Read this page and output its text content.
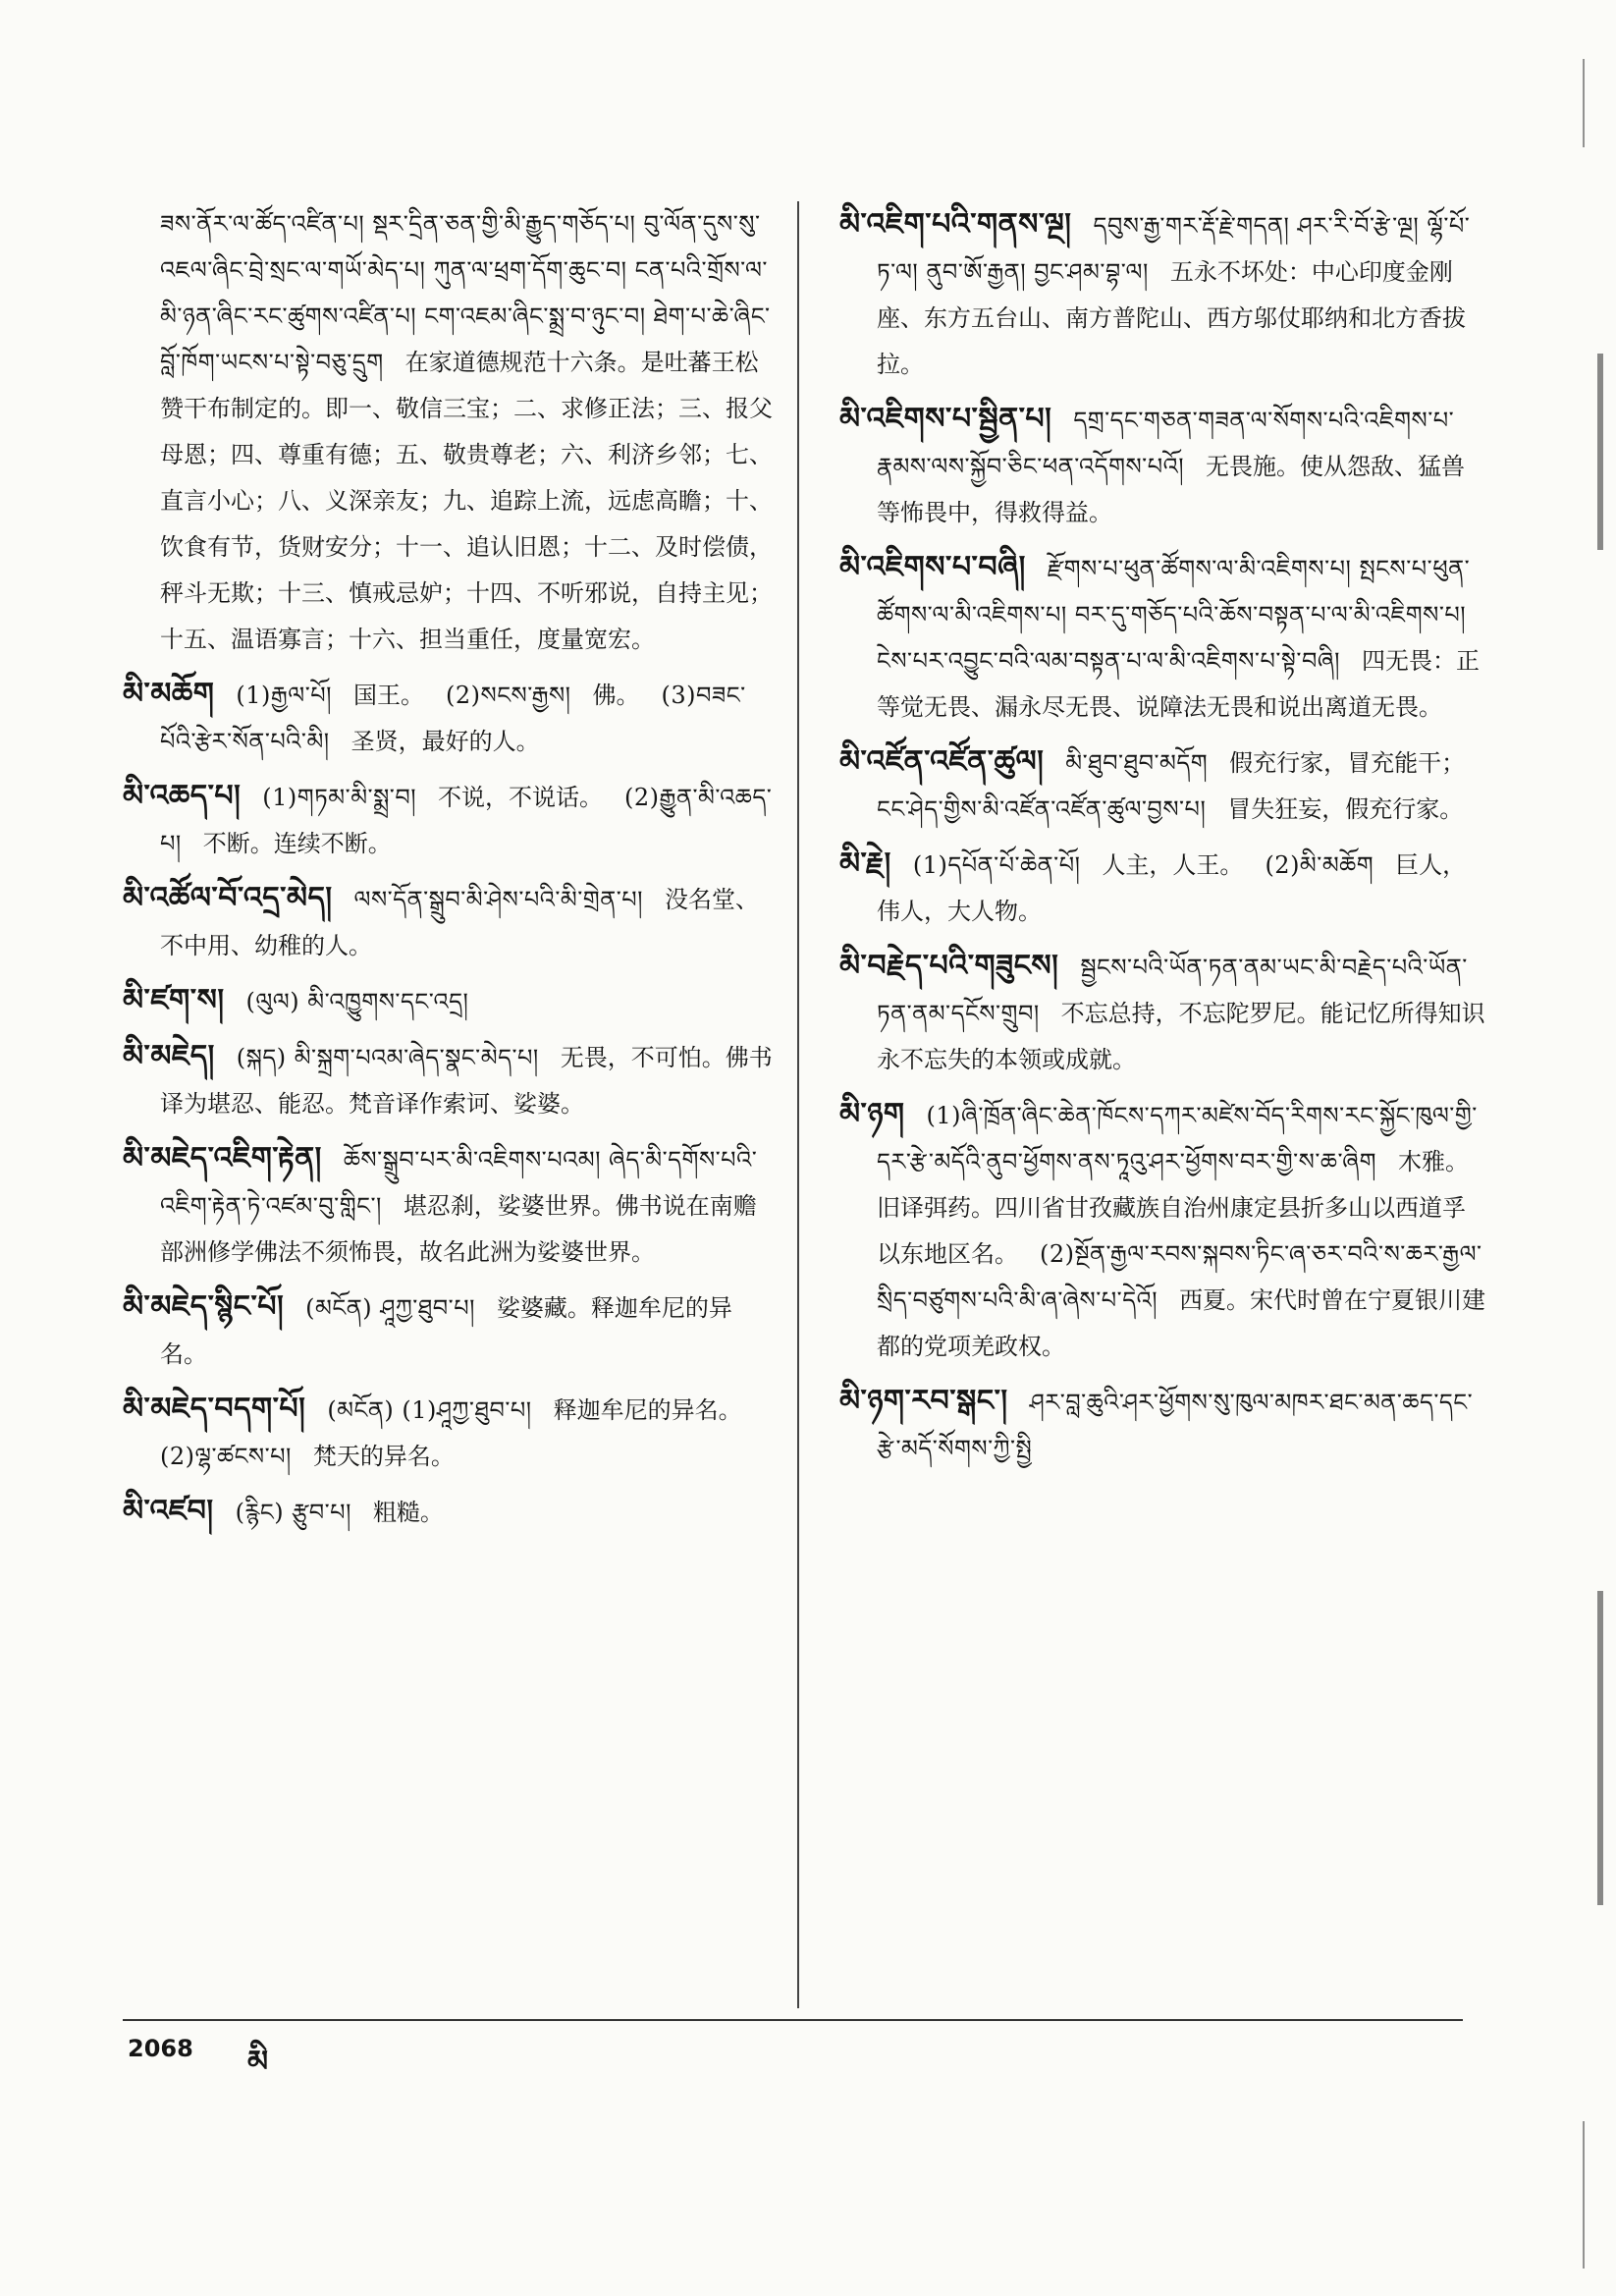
ཟས་ནོར་ལ་ཚོད་འཛིན་པ། སྡར་དྲིན་ཅན་གྱི་མི་རྒྱུད་གཅོད་པ། བུ་ལོན་དུས་སུ་འཇལ་ཞིང་བྲེ་སྲང་ལ་གཡོ་མེད་པ། ཀུན་ལ་ཕྲག་དོག་ཆུང་བ། ངན་པའི་གྲོས་ལ་མི་ཉན་ཞིང་རང་ཚུགས་འཛིན་པ། ངག་འཇམ་ཞིང་སྨྲ་བ་ཉུང་བ། ཐེག་པ་ཆེ་ཞིང་བློ་ཁོག་ཡངས་པ་སྟེ་བཅུ་དྲུག 在家道德规范十六条。是吐蕃王松赞干布制定的。即一、敬信三宝；二、求修正法；三、报父母恩；四、尊重有德；五、敬贵尊老；六、利济乡邻；七、直言小心；八、义深亲友；九、追踪上流，远虑高瞻；十、饮食有节，货财安分；十一、追认旧恩；十二、及时偿债，秤斗无欺；十三、慎戒忌妒；十四、不听邪说，自持主见；十五、温语寡言；十六、担当重任，度量宽宏。
མི་མཆོག (1)རྒྱལ་པོ། 国王。 (2)སངས་རྒྱས། 佛。 (3)བཟང་པོའི་རྩེར་སོན་པའི་མི། 圣贤，最好的人。
མི་འཆད་པ། (1)གཏམ་མི་སྨྲ་བ། 不说，不说话。 (2)རྒྱུན་མི་འཆད་པ། 不断。连续不断。
མི་འཚོལ་བོ་འདྲ་མེད། ལས་དོན་སྒྲུབ་མི་ཤེས་པའི་མི་གྲེན་པ། 没名堂、不中用、幼稚的人。
མི་ཛག་ས། (ལུལ) མི་འཁྱུགས་དང་འདྲ།
མི་མཇེད། (སྐད) མི་སྐྲག་པའམ་ཞེད་སྣང་མེད་པ། 无畏，不可怕。佛书译为堪忍、能忍。梵音译作索诃、娑婆。
མི་མཇེད་འཇིག་རྟེན། ཆོས་སྒྲུབ་པར་མི་འཇིགས་པའམ། ཞེད་མི་དགོས་པའི་འཇིག་རྟེན་ཏེ་འཛམ་བུ་གླིང་། 堪忍刹，娑婆世界。佛书说在南赡部洲修学佛法不须怖畏，故名此洲为娑婆世界。
མི་མཇེད་སྙིང་པོ། (མངོན) ཤཱཀྱ་ཐུབ་པ། 娑婆藏。释迦牟尼的异名。
མི་མཇེད་བདག་པོ། (མངོན) (1)ཤཱཀྱ་ཐུབ་པ། 释迦牟尼的异名。(2)ལྷ་ཚངས་པ། 梵天的异名。
མི་འཛབ། (རྙིང) རྩུབ་པ། 粗糙。
མི་འཇིག་པའི་གནས་ལྔ། དབུས་རྒྱ་གར་རྡོ་རྗེ་གདན། ཤར་རི་བོ་རྩེ་ལྔ། ལྷོ་པོ་ཏ་ལ། ནུབ་ཨོ་རྒྱན། བྱང་ཤམ་བྷ་ལ། 五永不坏处：中心印度金刚座、东方五台山、南方普陀山、西方邬仗耶纳和北方香拔拉。
མི་འཇིགས་པ་སྦྱིན་པ། དགྲ་དང་གཅན་གཟན་ལ་སོགས་པའི་འཇིགས་པ་རྣམས་ལས་སྐྱོབ་ཅིང་ཕན་འདོགས་པའོ། 无畏施。使从怨敌、猛兽等怖畏中，得救得益。
མི་འཇིགས་པ་བཞི། རྫོགས་པ་ཕུན་ཚོགས་ལ་མི་འཇིགས་པ། སྤངས་པ་ཕུན་ཚོགས་ལ་མི་འཇིགས་པ། བར་དུ་གཅོད་པའི་ཆོས་བསྟན་པ་ལ་མི་འཇིགས་པ། ངེས་པར་འབྱུང་བའི་ལམ་བསྟན་པ་ལ་མི་འཇིགས་པ་སྟེ་བཞི། 四无畏：正等觉无畏、漏永尽无畏、说障法无畏和说出离道无畏。
མི་འཛོན་འཛོན་ཚུལ། མི་ཐུབ་ཐུབ་མདོག 假充行家，冒充能干；ངང་ཤེད་གྱིས་མི་འཛོན་འཛོན་ཚུལ་བྱས་པ། 冒失狂妄，假充行家。
མི་རྗེ། (1)དཔོན་པོ་ཆེན་པོ། 人主，人王。 (2)མི་མཆོག 巨人，伟人，大人物。
མི་བརྗེད་པའི་གཟུངས། སྦྱངས་པའི་ཡོན་ཏན་ནམ་ཡང་མི་བརྗེད་པའི་ཡོན་ཏན་ནམ་དངོས་གྲུབ། 不忘总持，不忘陀罗尼。能记忆所得知识永不忘失的本领或成就。
མི་ཉག (1)ཞི་ཁྲོན་ཞིང་ཆེན་ཁོངས་དཀར་མཛེས་བོད་རིགས་རང་སྐྱོང་ཁུལ་གྱི་དར་རྩེ་མདོའི་ནུབ་ཕྱོགས་ནས་ཏཱའུ་ཤར་ཕྱོགས་བར་གྱི་ས་ཆ་ཞིག 木雅。旧译弭药。四川省甘孜藏族自治州康定县折多山以西道孚以东地区名。 (2)སྔོན་རྒྱལ་རབས་སྐབས་ཏིང་ཞ་ཅར་བའི་ས་ཆར་རྒྱལ་སྲིད་བཙུགས་པའི་མི་ཞ་ཞེས་པ་དེའོ། 西夏。宋代时曾在宁夏银川建都的党项羌政权。
མི་ཉག་རབ་སྒང་། ཤར་བླ་ཆུའི་ཤར་ཕྱོགས་སུ་ཁུལ་མཁར་ཐང་མན་ཆད་དང་རྩེ་མདོ་སོགས་ཀྱི་སྤྱི
2068 མི
